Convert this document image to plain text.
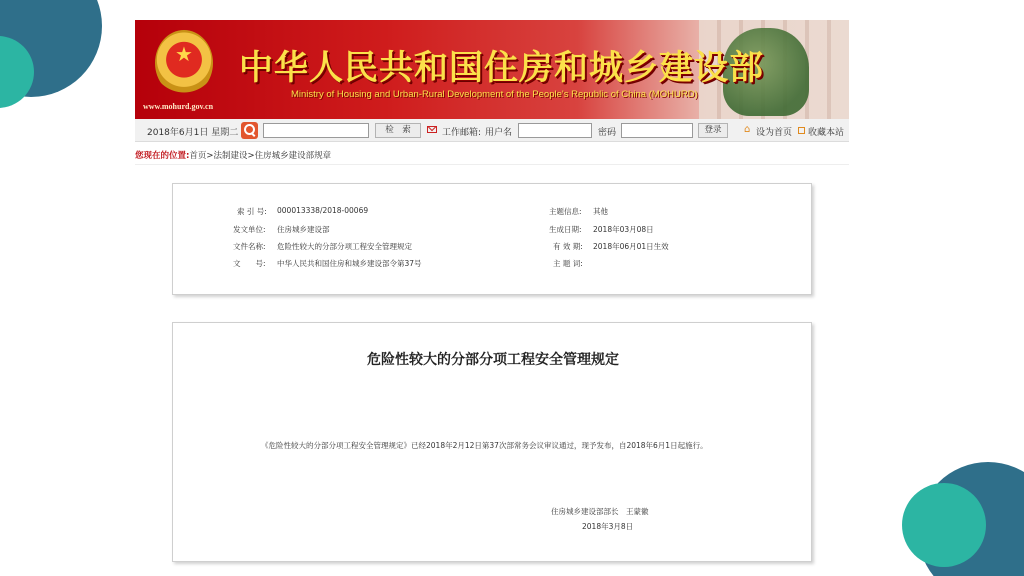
★
www.mohurd.gov.cn
中华人民共和国住房和城乡建设部
Ministry of Housing and Urban-Rural Development of the People's Republic of China (MOHURD)
2018年6月1日 星期二	检　索	工作邮箱: 用户名	密码	登录	⌂ 设为首页 收藏本站
您现在的位置:首页>法制建设>住房城乡建设部规章
索 引 号: 000013338/2018-00069	主题信息: 其他
发文单位: 住房城乡建设部	生成日期: 2018年03月08日
文件名称: 危险性较大的分部分项工程安全管理规定	有 效 期: 2018年06月01日生效
文　　号: 中华人民共和国住房和城乡建设部令第37号	主 题 词:
危险性较大的分部分项工程安全管理规定
《危险性较大的分部分项工程安全管理规定》已经2018年2月12日第37次部常务会议审议通过，现予发布，自2018年6月1日起施行。
住房城乡建设部部长　王蒙徽
2018年3月8日
